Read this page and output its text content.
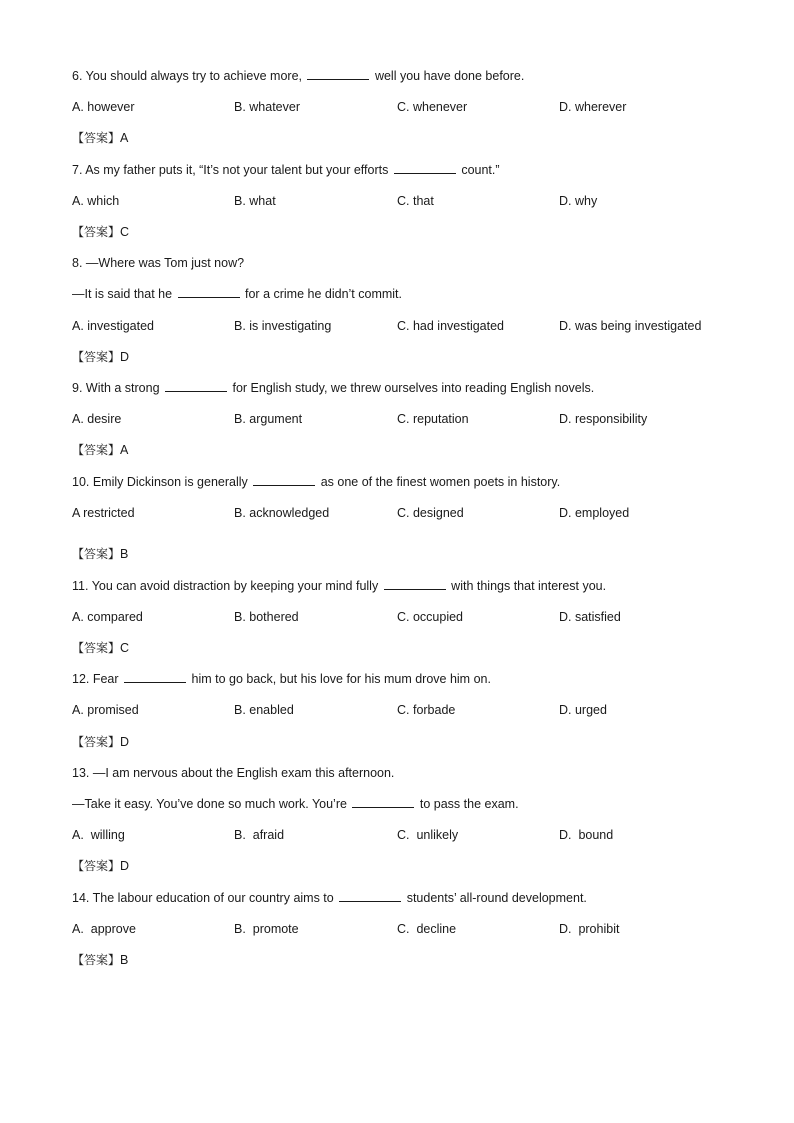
6. You should always try to achieve more,	well you have done before.
A. however	B. whatever	C. whenever	D. wherever
【答案】A
7. As my father puts it, “It’s not your talent but your efforts	count.”
A. which	B. what	C. that	D. why
【答案】C
8. —Where was Tom just now?
—It is said that he	for a crime he didn’t commit.
A. investigated	B. is investigating	C. had investigated	D. was being investigated
【答案】D
9. With a strong	for English study, we threw ourselves into reading English novels.
A. desire	B. argument	C. reputation	D. responsibility
【答案】A
10. Emily Dickinson is generally	as one of the finest women poets in history.
A restricted	B. acknowledged	C. designed	D. employed
【答案】B
11. You can avoid distraction by keeping your mind fully	with things that interest you.
A. compared	B. bothered	C. occupied	D. satisfied
【答案】C
12. Fear	him to go back, but his love for his mum drove him on.
A. promised	B. enabled	C. forbade	D. urged
【答案】D
13. —I am nervous about the English exam this afternoon.
—Take it easy. You’ve done so much work. You’re	to pass the exam.
A.  willing	B.  afraid	C.  unlikely	D.  bound
【答案】D
14. The labour education of our country aims to	students’ all-round development.
A.  approve	B.  promote	C.  decline	D.  prohibit
【答案】B
